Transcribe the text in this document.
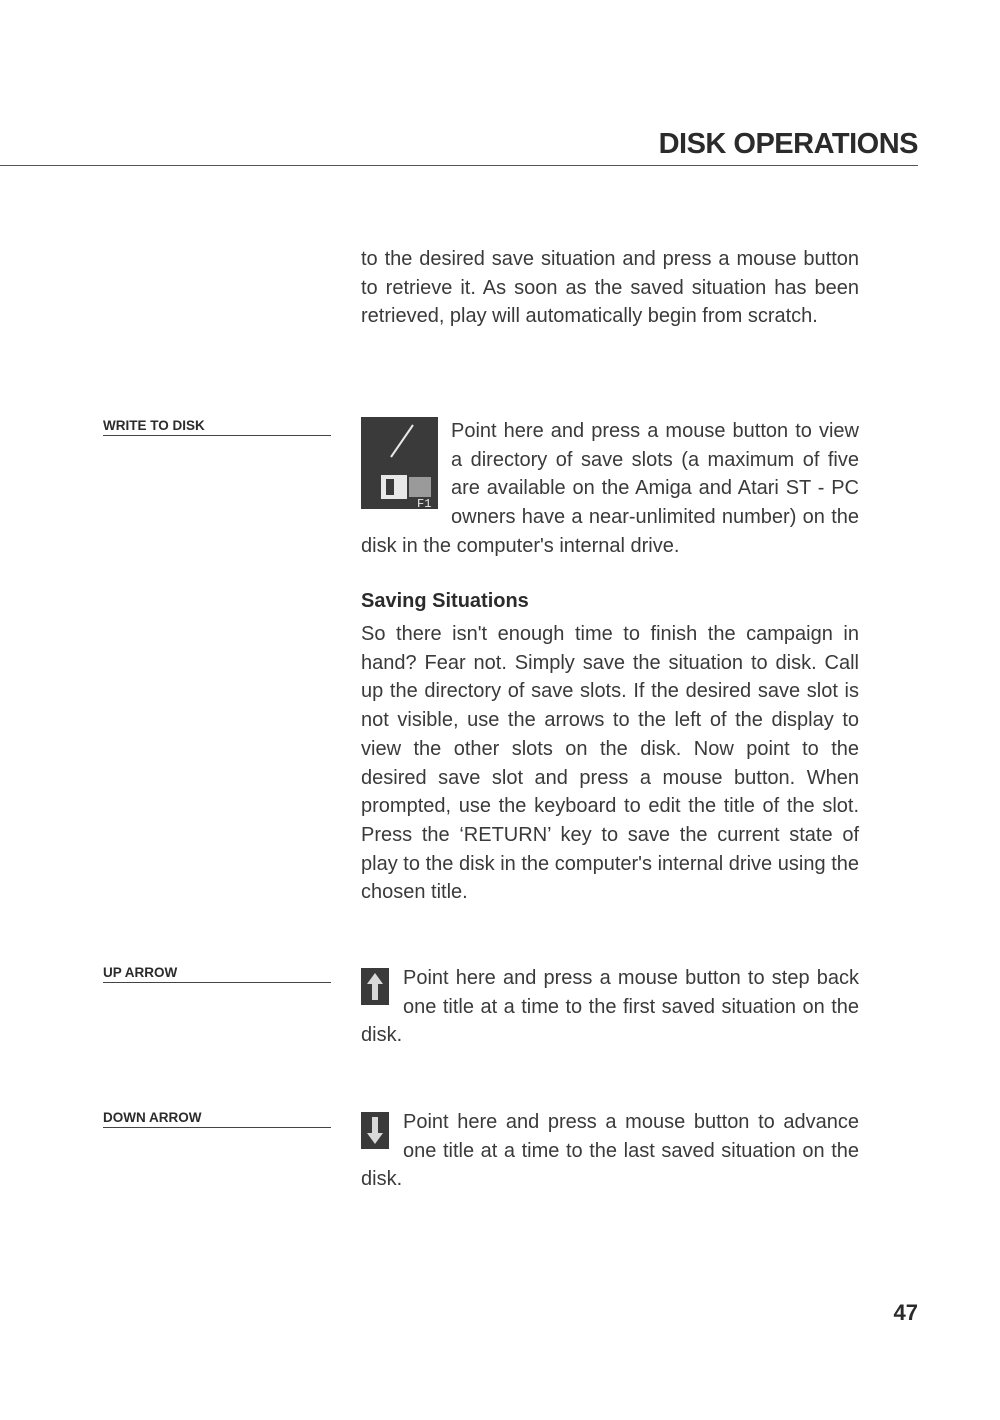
DISK OPERATIONS
to the desired save situation and press a mouse button to retrieve it. As soon as the saved situation has been retrieved, play will automatically begin from scratch.
WRITE TO DISK
F1
Point here and press a mouse button to view a directory of save slots (a maximum of five are available on the Amiga and Atari ST - PC owners have a near-unlimited number) on the disk in the computer's internal drive.
Saving Situations
So there isn't enough time to finish the campaign in hand? Fear not. Simply save the situation to disk. Call up the directory of save slots. If the desired save slot is not visible, use the arrows to the left of the display to view the other slots on the disk. Now point to the desired save slot and press a mouse button. When prompted, use the keyboard to edit the title of the slot. Press the ‘RETURN’ key to save the current state of play to the disk in the computer's internal drive using the chosen title.
UP ARROW	Point here and press a mouse button to step back one title at a time to the first saved situation on the disk.
DOWN ARROW	Point here and press a mouse button to advance one title at a time to the last saved situation on the disk.
47
